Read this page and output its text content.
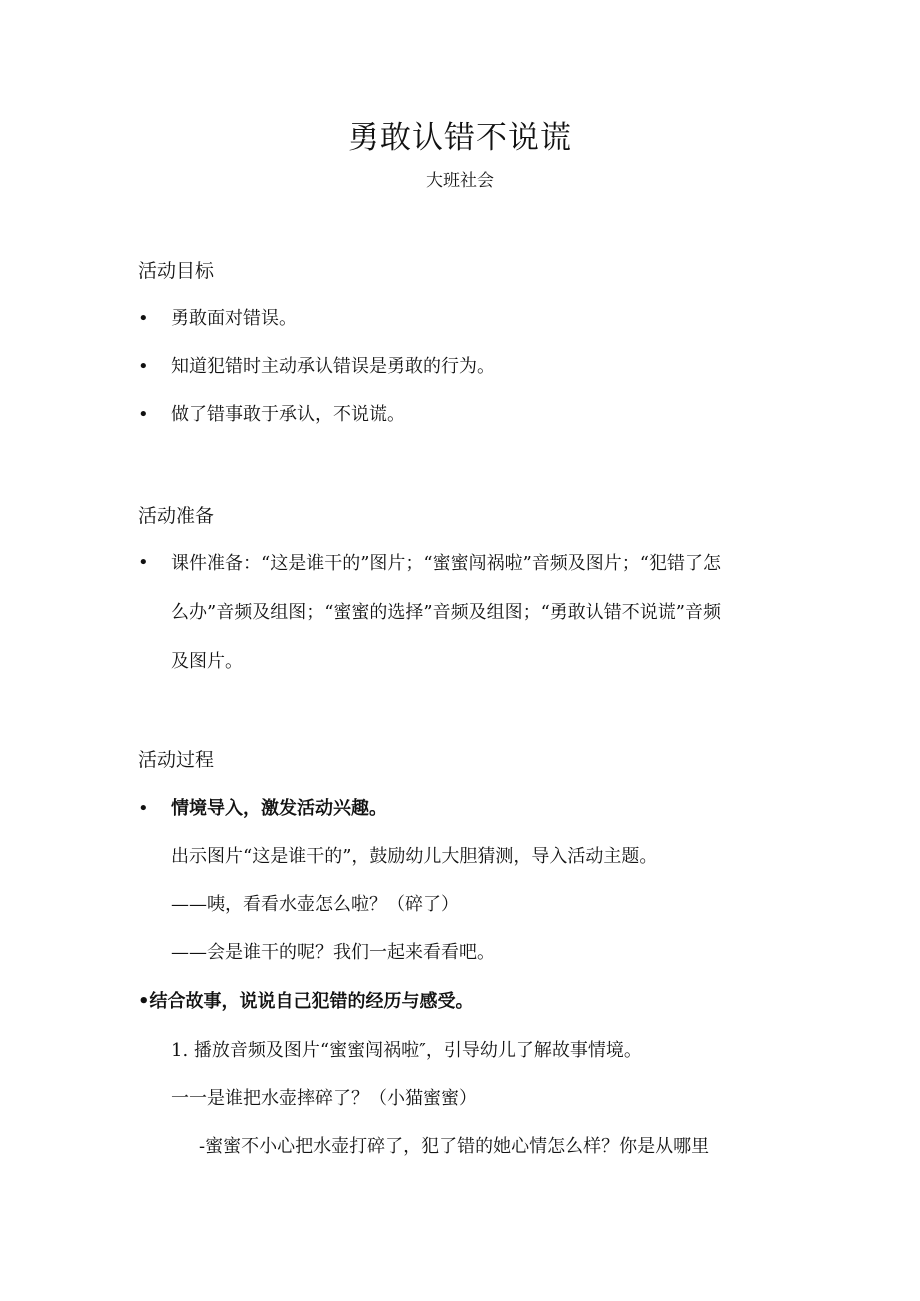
勇敢认错不说谎
大班社会
活动目标
• 勇敢面对错误。
• 知道犯错时主动承认错误是勇敢的行为。
• 做了错事敢于承认，不说谎。
活动准备
• 课件准备：“这是谁干的”图片；“蜜蜜闯祸啦”音频及图片；“犯错了怎
么办”音频及组图；“蜜蜜的选择”音频及组图；“勇敢认错不说谎”音频
及图片。
活动过程
• 情境导入，激发活动兴趣。
出示图片“这是谁干的”，鼓励幼儿大胆猜测，导入活动主题。
——咦，看看水壶怎么啦？（碎了）
——会是谁干的呢？我们一起来看看吧。
•结合故事，说说自己犯错的经历与感受。
1. 播放音频及图片“蜜蜜闯祸啦″，引导幼儿了解故事情境。
一一是谁把水壶摔碎了？（小猫蜜蜜）
-蜜蜜不小心把水壶打碎了，犯了错的她心情怎么样？你是从哪里
